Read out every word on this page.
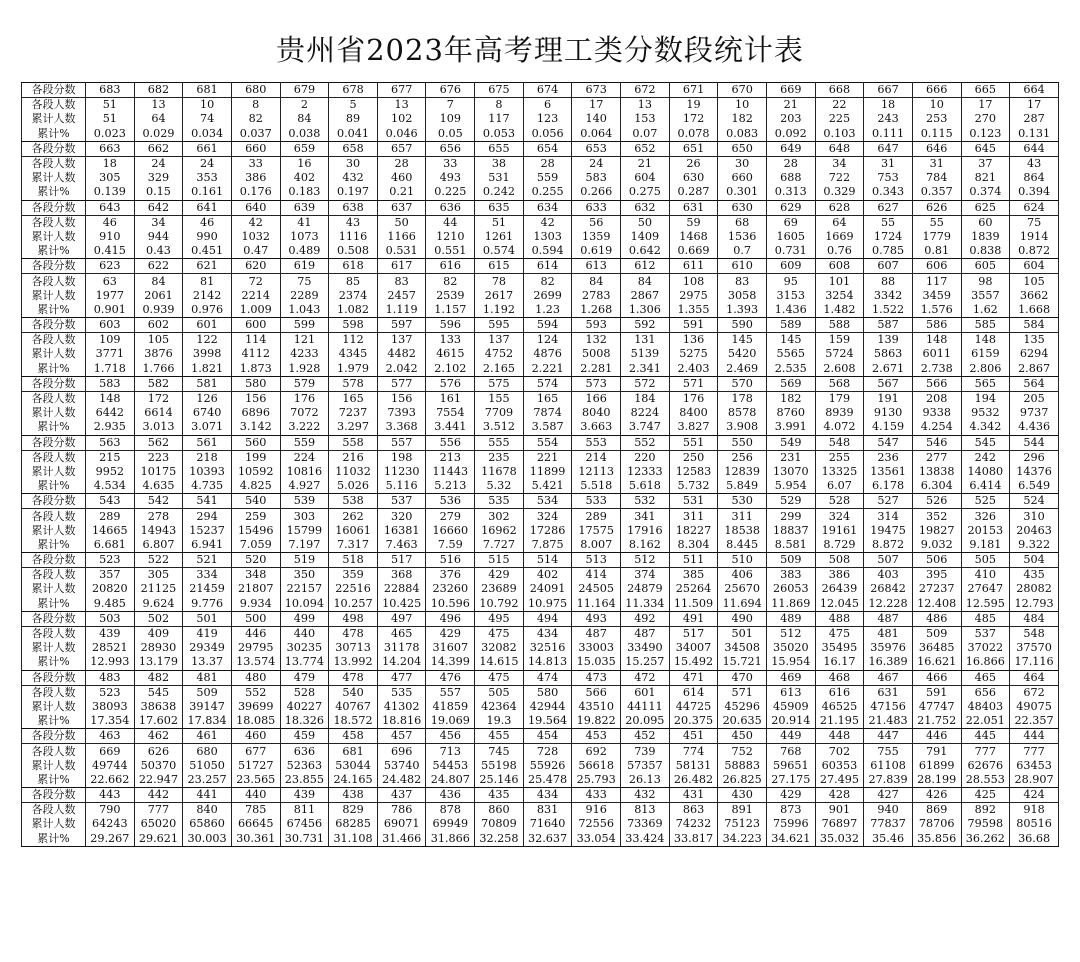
贵州省2023年高考理工类分数段统计表
各段分数	683	682	681	680	679	678	677	676	675	674	673	672	671	670	669	668	667	666	665	664
各段人数	51	13	10	8	2	5	13	7	8	6	17	13	19	10	21	22	18	10	17	17
累计人数	51	64	74	82	84	89	102	109	117	123	140	153	172	182	203	225	243	253	270	287
累计%	0.023	0.029	0.034	0.037	0.038	0.041	0.046	0.05	0.053	0.056	0.064	0.07	0.078	0.083	0.092	0.103	0.111	0.115	0.123	0.131
各段分数	663	662	661	660	659	658	657	656	655	654	653	652	651	650	649	648	647	646	645	644
各段人数	18	24	24	33	16	30	28	33	38	28	24	21	26	30	28	34	31	31	37	43
累计人数	305	329	353	386	402	432	460	493	531	559	583	604	630	660	688	722	753	784	821	864
累计%	0.139	0.15	0.161	0.176	0.183	0.197	0.21	0.225	0.242	0.255	0.266	0.275	0.287	0.301	0.313	0.329	0.343	0.357	0.374	0.394
各段分数	643	642	641	640	639	638	637	636	635	634	633	632	631	630	629	628	627	626	625	624
各段人数	46	34	46	42	41	43	50	44	51	42	56	50	59	68	69	64	55	55	60	75
累计人数	910	944	990	1032	1073	1116	1166	1210	1261	1303	1359	1409	1468	1536	1605	1669	1724	1779	1839	1914
累计%	0.415	0.43	0.451	0.47	0.489	0.508	0.531	0.551	0.574	0.594	0.619	0.642	0.669	0.7	0.731	0.76	0.785	0.81	0.838	0.872
各段分数	623	622	621	620	619	618	617	616	615	614	613	612	611	610	609	608	607	606	605	604
各段人数	63	84	81	72	75	85	83	82	78	82	84	84	108	83	95	101	88	117	98	105
累计人数	1977	2061	2142	2214	2289	2374	2457	2539	2617	2699	2783	2867	2975	3058	3153	3254	3342	3459	3557	3662
累计%	0.901	0.939	0.976	1.009	1.043	1.082	1.119	1.157	1.192	1.23	1.268	1.306	1.355	1.393	1.436	1.482	1.522	1.576	1.62	1.668
各段分数	603	602	601	600	599	598	597	596	595	594	593	592	591	590	589	588	587	586	585	584
各段人数	109	105	122	114	121	112	137	133	137	124	132	131	136	145	145	159	139	148	148	135
累计人数	3771	3876	3998	4112	4233	4345	4482	4615	4752	4876	5008	5139	5275	5420	5565	5724	5863	6011	6159	6294
累计%	1.718	1.766	1.821	1.873	1.928	1.979	2.042	2.102	2.165	2.221	2.281	2.341	2.403	2.469	2.535	2.608	2.671	2.738	2.806	2.867
各段分数	583	582	581	580	579	578	577	576	575	574	573	572	571	570	569	568	567	566	565	564
各段人数	148	172	126	156	176	165	156	161	155	165	166	184	176	178	182	179	191	208	194	205
累计人数	6442	6614	6740	6896	7072	7237	7393	7554	7709	7874	8040	8224	8400	8578	8760	8939	9130	9338	9532	9737
累计%	2.935	3.013	3.071	3.142	3.222	3.297	3.368	3.441	3.512	3.587	3.663	3.747	3.827	3.908	3.991	4.072	4.159	4.254	4.342	4.436
各段分数	563	562	561	560	559	558	557	556	555	554	553	552	551	550	549	548	547	546	545	544
各段人数	215	223	218	199	224	216	198	213	235	221	214	220	250	256	231	255	236	277	242	296
累计人数	9952	10175	10393	10592	10816	11032	11230	11443	11678	11899	12113	12333	12583	12839	13070	13325	13561	13838	14080	14376
累计%	4.534	4.635	4.735	4.825	4.927	5.026	5.116	5.213	5.32	5.421	5.518	5.618	5.732	5.849	5.954	6.07	6.178	6.304	6.414	6.549
各段分数	543	542	541	540	539	538	537	536	535	534	533	532	531	530	529	528	527	526	525	524
各段人数	289	278	294	259	303	262	320	279	302	324	289	341	311	311	299	324	314	352	326	310
累计人数	14665	14943	15237	15496	15799	16061	16381	16660	16962	17286	17575	17916	18227	18538	18837	19161	19475	19827	20153	20463
累计%	6.681	6.807	6.941	7.059	7.197	7.317	7.463	7.59	7.727	7.875	8.007	8.162	8.304	8.445	8.581	8.729	8.872	9.032	9.181	9.322
各段分数	523	522	521	520	519	518	517	516	515	514	513	512	511	510	509	508	507	506	505	504
各段人数	357	305	334	348	350	359	368	376	429	402	414	374	385	406	383	386	403	395	410	435
累计人数	20820	21125	21459	21807	22157	22516	22884	23260	23689	24091	24505	24879	25264	25670	26053	26439	26842	27237	27647	28082
累计%	9.485	9.624	9.776	9.934	10.094	10.257	10.425	10.596	10.792	10.975	11.164	11.334	11.509	11.694	11.869	12.045	12.228	12.408	12.595	12.793
各段分数	503	502	501	500	499	498	497	496	495	494	493	492	491	490	489	488	487	486	485	484
各段人数	439	409	419	446	440	478	465	429	475	434	487	487	517	501	512	475	481	509	537	548
累计人数	28521	28930	29349	29795	30235	30713	31178	31607	32082	32516	33003	33490	34007	34508	35020	35495	35976	36485	37022	37570
累计%	12.993	13.179	13.37	13.574	13.774	13.992	14.204	14.399	14.615	14.813	15.035	15.257	15.492	15.721	15.954	16.17	16.389	16.621	16.866	17.116
各段分数	483	482	481	480	479	478	477	476	475	474	473	472	471	470	469	468	467	466	465	464
各段人数	523	545	509	552	528	540	535	557	505	580	566	601	614	571	613	616	631	591	656	672
累计人数	38093	38638	39147	39699	40227	40767	41302	41859	42364	42944	43510	44111	44725	45296	45909	46525	47156	47747	48403	49075
累计%	17.354	17.602	17.834	18.085	18.326	18.572	18.816	19.069	19.3	19.564	19.822	20.095	20.375	20.635	20.914	21.195	21.483	21.752	22.051	22.357
各段分数	463	462	461	460	459	458	457	456	455	454	453	452	451	450	449	448	447	446	445	444
各段人数	669	626	680	677	636	681	696	713	745	728	692	739	774	752	768	702	755	791	777	777
累计人数	49744	50370	51050	51727	52363	53044	53740	54453	55198	55926	56618	57357	58131	58883	59651	60353	61108	61899	62676	63453
累计%	22.662	22.947	23.257	23.565	23.855	24.165	24.482	24.807	25.146	25.478	25.793	26.13	26.482	26.825	27.175	27.495	27.839	28.199	28.553	28.907
各段分数	443	442	441	440	439	438	437	436	435	434	433	432	431	430	429	428	427	426	425	424
各段人数	790	777	840	785	811	829	786	878	860	831	916	813	863	891	873	901	940	869	892	918
累计人数	64243	65020	65860	66645	67456	68285	69071	69949	70809	71640	72556	73369	74232	75123	75996	76897	77837	78706	79598	80516
累计%	29.267	29.621	30.003	30.361	30.731	31.108	31.466	31.866	32.258	32.637	33.054	33.424	33.817	34.223	34.621	35.032	35.46	35.856	36.262	36.68
